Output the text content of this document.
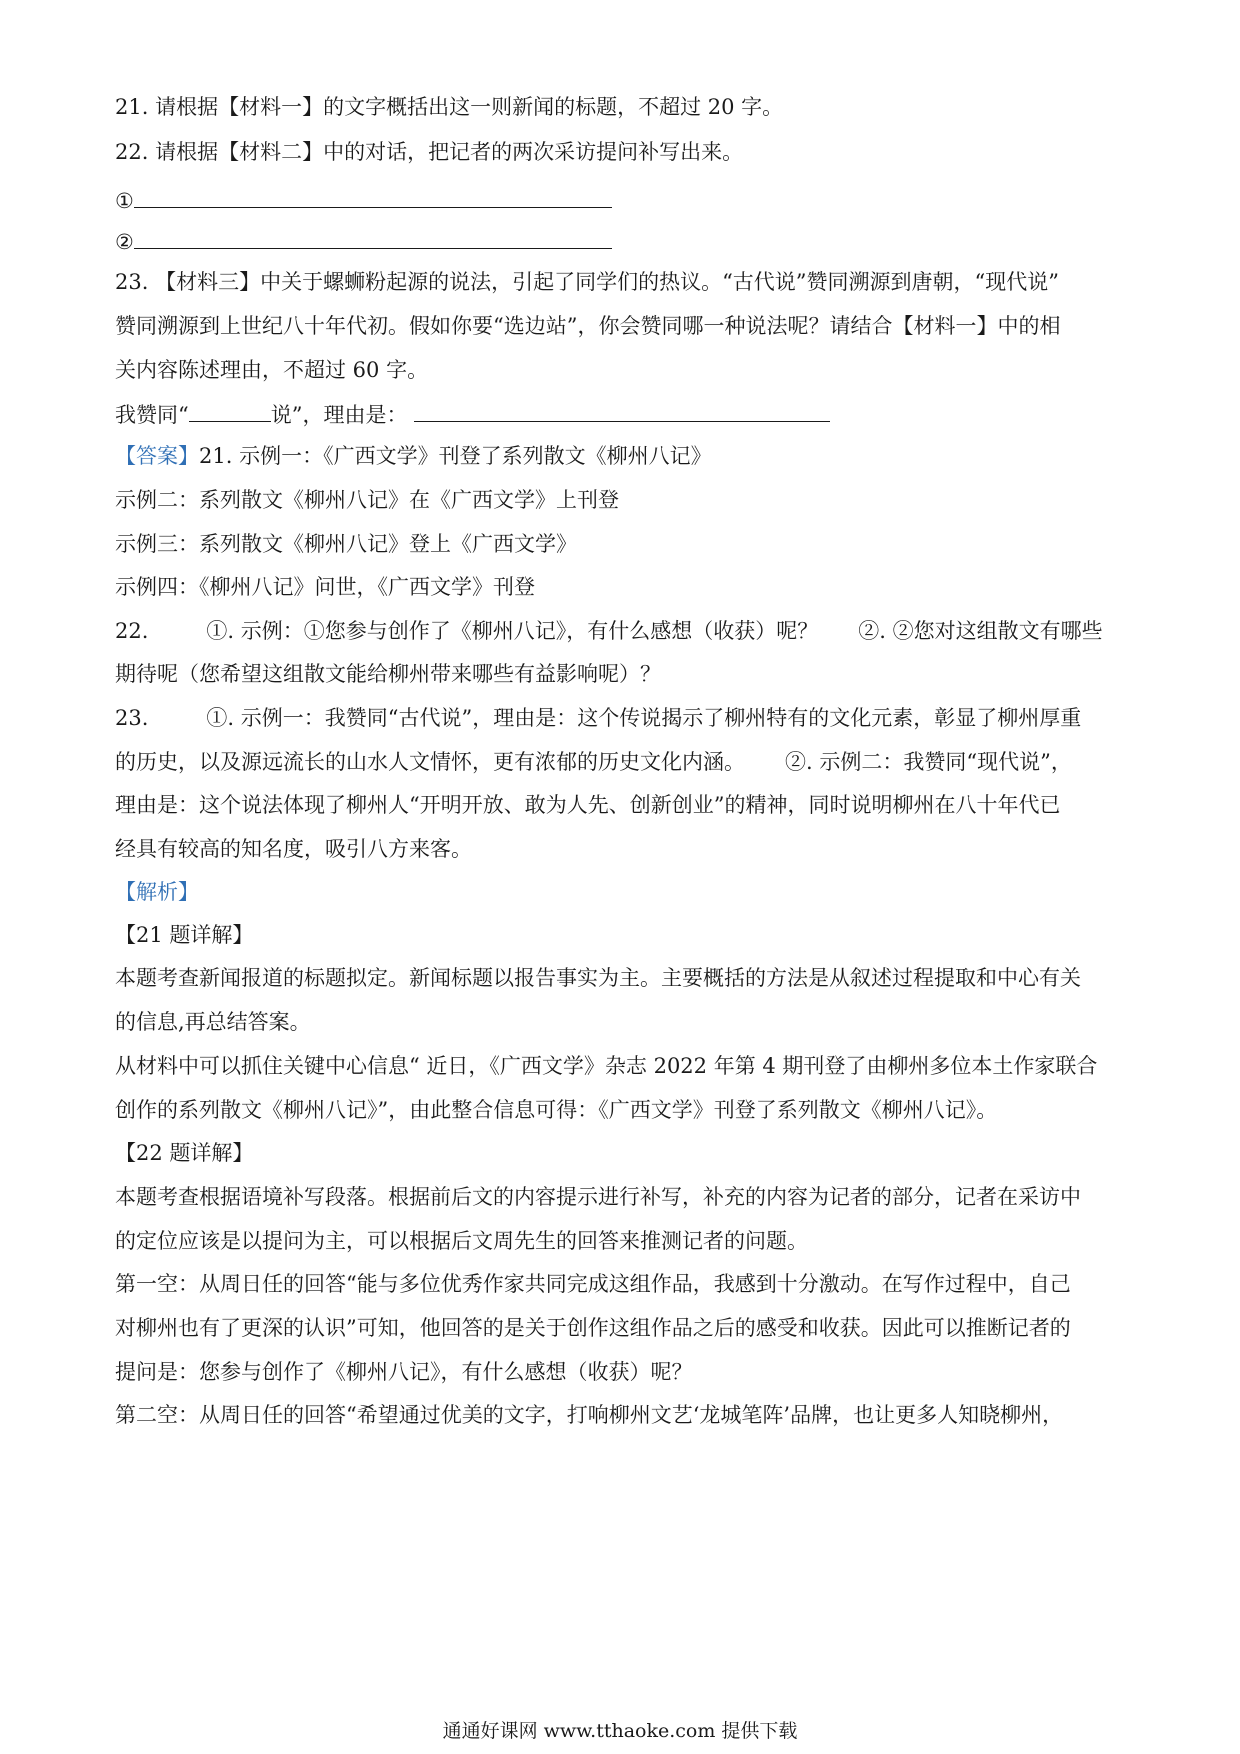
21. 请根据【材料一】的文字概括出这一则新闻的标题，不超过 20 字。
22. 请根据【材料二】中的对话，把记者的两次采访提问补写出来。
①
②
23. 【材料三】中关于螺蛳粉起源的说法，引起了同学们的热议。“古代说”赞同溯源到唐朝，“现代说”
赞同溯源到上世纪八十年代初。假如你要“选边站”，你会赞同哪一种说法呢？请结合【材料一】中的相
关内容陈述理由，不超过 60 字。
我赞同“	说”，理由是：
【答案】21. 示例一：《广西文学》刊登了系列散文《柳州八记》
示例二：系列散文《柳州八记》在《广西文学》上刊登
示例三：系列散文《柳州八记》登上《广西文学》
示例四：《柳州八记》问世，《广西文学》刊登
22.	①. 示例：①您参与创作了《柳州八记》，有什么感想（收获）呢？ ②. ②您对这组散文有哪些
期待呢（您希望这组散文能给柳州带来哪些有益影响呢）？
23.	①. 示例一：我赞同“古代说”，理由是：这个传说揭示了柳州特有的文化元素，彰显了柳州厚重
的历史，以及源远流长的山水人文情怀，更有浓郁的历史文化内涵。 ②. 示例二：我赞同“现代说”，
理由是：这个说法体现了柳州人“开明开放、敢为人先、创新创业”的精神，同时说明柳州在八十年代已
经具有较高的知名度，吸引八方来客。
【解析】
【21 题详解】
本题考查新闻报道的标题拟定。新闻标题以报告事实为主。主要概括的方法是从叙述过程提取和中心有关
的信息,再总结答案。
从材料中可以抓住关键中心信息“ 近日，《广西文学》杂志 2022 年第 4 期刊登了由柳州多位本土作家联合
创作的系列散文《柳州八记》”，由此整合信息可得：《广西文学》刊登了系列散文《柳州八记》。
【22 题详解】
本题考查根据语境补写段落。根据前后文的内容提示进行补写，补充的内容为记者的部分，记者在采访中
的定位应该是以提问为主，可以根据后文周先生的回答来推测记者的问题。
第一空：从周日任的回答“能与多位优秀作家共同完成这组作品，我感到十分激动。在写作过程中，自己
对柳州也有了更深的认识”可知，他回答的是关于创作这组作品之后的感受和收获。因此可以推断记者的
提问是：您参与创作了《柳州八记》，有什么感想（收获）呢？
第二空：从周日任的回答“希望通过优美的文字，打响柳州文艺‘龙城笔阵’品牌，也让更多人知晓柳州，
通通好课网 www.tthaoke.com 提供下载
